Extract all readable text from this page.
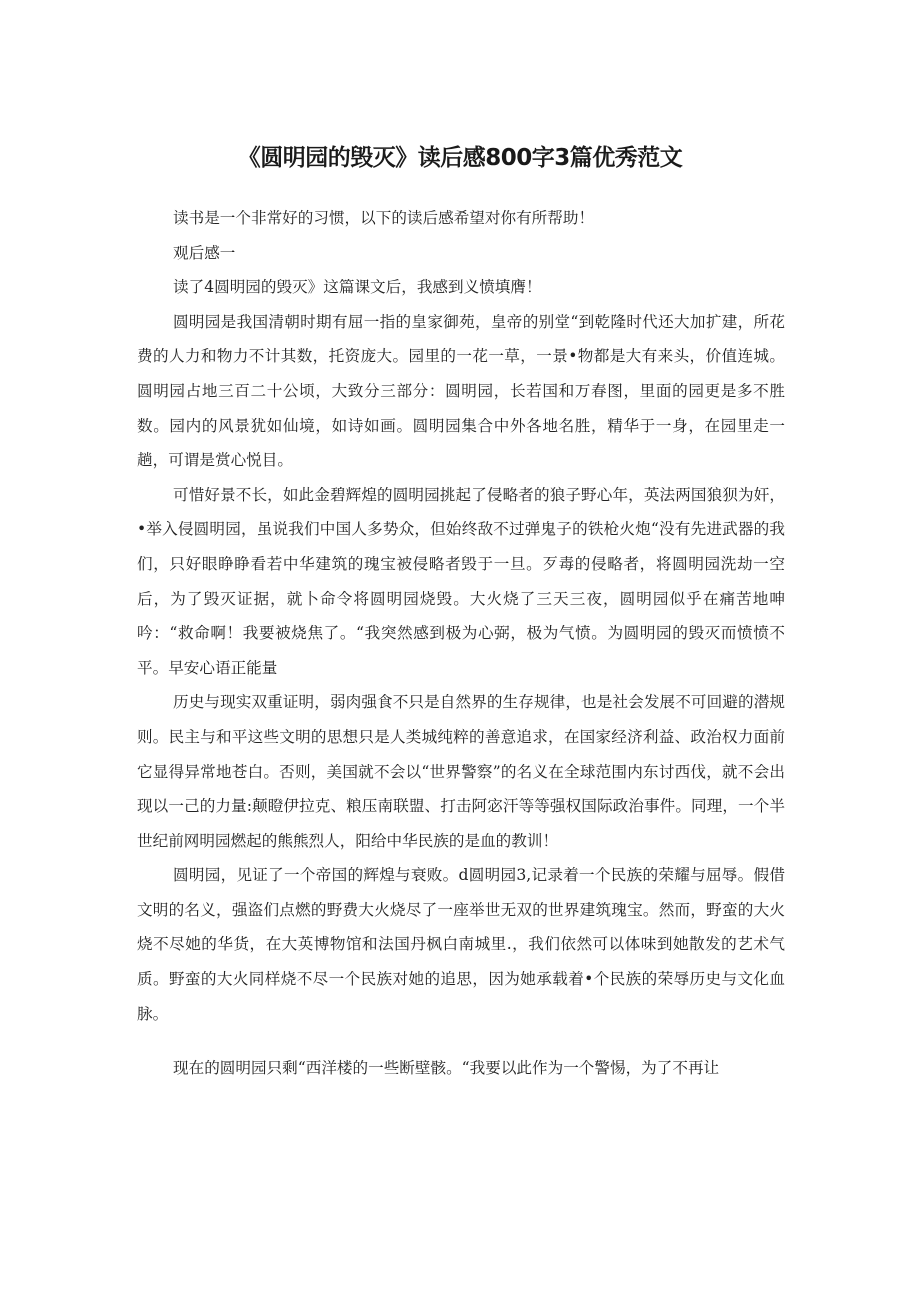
《圆明园的毁灭》读后感800字3篇优秀范文

读书是一个非常好的习惯，以下的读后感希望对你有所帮助！

观后感一

读了4圆明园的毁灭》这篇课文后，我感到义愤填膺！

圆明园是我国清朝时期有屈一指的皇家御苑，皇帝的别堂“到乾隆时代还大加扩建，所花费的人力和物力不计其数，托资庞大。园里的一花一草，一景•物都是大有来头，价值连城。圆明园占地三百二十公顷，大致分三部分：圆明园，长若国和万春图，里面的园更是多不胜数。园内的风景犹如仙境，如诗如画。圆明园集合中外各地名胜，精华于一身，在园里走一趟，可谓是赏心悦目。

可惜好景不长，如此金碧辉煌的圆明园挑起了侵略者的狼子野心年，英法两国狼狈为奸，•举入侵圆明园，虽说我们中国人多势众，但始终敌不过弹鬼子的铁枪火炮“没有先进武器的我们，只好眼睁睁看若中华建筑的瑰宝被侵略者毁于一旦。歹毒的侵略者，将圆明园洗劫一空后，为了毁灭证据，就卜命令将圆明园烧毁。大火烧了三天三夜，圆明园似乎在痛苦地呻吟：“救命啊！我要被烧焦了。“我突然感到极为心弼，极为气愤。为圆明园的毁灭而愤愤不平。早安心语正能量

历史与现实双重证明，弱肉强食不只是自然界的生存规律，也是社会发展不可回避的潜规则。民主与和平这些文明的思想只是人类城纯粹的善意追求，在国家经济利益、政治权力面前它显得异常地苍白。否则，美国就不会以“世界警察”的名义在全球范围内东讨西伐，就不会出现以一己的力量:颠瞪伊拉克、粮压南联盟、打击阿宓汗等等强权国际政治事件。同理，一个半世纪前网明园燃起的熊熊烈人，阳给中华民族的是血的教训！

圆明园，见证了一个帝国的辉煌与衰败。d圆明园3,记录着一个民族的荣耀与屈辱。假借文明的名义，强盗们点燃的野费大火烧尽了一座举世无双的世界建筑瑰宝。然而，野蛮的大火烧不尽她的华货，在大英博物馆和法国丹枫白南城里.，我们依然可以体味到她散发的艺术气质。野蛮的大火同样烧不尽一个民族对她的追思，因为她承载着•个民族的荣辱历史与文化血脉。

现在的圆明园只剩“西洋楼的一些断壁骸。“我要以此作为一个警惕，为了不再让
